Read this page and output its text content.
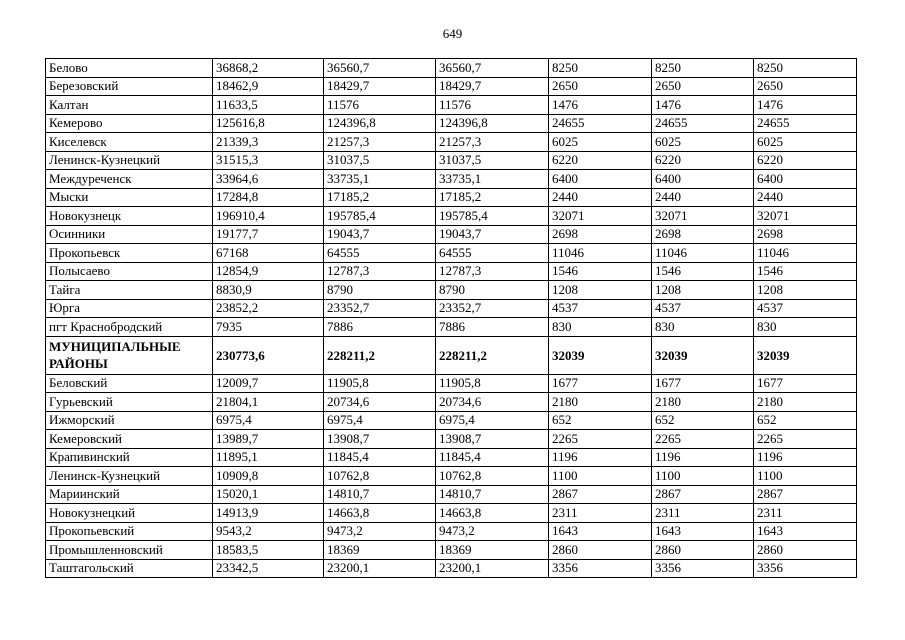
649
Белово	36868,2	36560,7	36560,7	8250	8250	8250
Березовский	18462,9	18429,7	18429,7	2650	2650	2650
Калтан	11633,5	11576	11576	1476	1476	1476
Кемерово	125616,8	124396,8	124396,8	24655	24655	24655
Киселевск	21339,3	21257,3	21257,3	6025	6025	6025
Ленинск-Кузнецкий	31515,3	31037,5	31037,5	6220	6220	6220
Междуреченск	33964,6	33735,1	33735,1	6400	6400	6400
Мыски	17284,8	17185,2	17185,2	2440	2440	2440
Новокузнецк	196910,4	195785,4	195785,4	32071	32071	32071
Осинники	19177,7	19043,7	19043,7	2698	2698	2698
Прокопьевск	67168	64555	64555	11046	11046	11046
Полысаево	12854,9	12787,3	12787,3	1546	1546	1546
Тайга	8830,9	8790	8790	1208	1208	1208
Юрга	23852,2	23352,7	23352,7	4537	4537	4537
пгт Краснобродский	7935	7886	7886	830	830	830
МУНИЦИПАЛЬНЫЕ РАЙОНЫ	230773,6	228211,2	228211,2	32039	32039	32039
Беловский	12009,7	11905,8	11905,8	1677	1677	1677
Гурьевский	21804,1	20734,6	20734,6	2180	2180	2180
Ижморский	6975,4	6975,4	6975,4	652	652	652
Кемеровский	13989,7	13908,7	13908,7	2265	2265	2265
Крапивинский	11895,1	11845,4	11845,4	1196	1196	1196
Ленинск-Кузнецкий	10909,8	10762,8	10762,8	1100	1100	1100
Мариинский	15020,1	14810,7	14810,7	2867	2867	2867
Новокузнецкий	14913,9	14663,8	14663,8	2311	2311	2311
Прокопьевский	9543,2	9473,2	9473,2	1643	1643	1643
Промышленновский	18583,5	18369	18369	2860	2860	2860
Таштагольский	23342,5	23200,1	23200,1	3356	3356	3356
